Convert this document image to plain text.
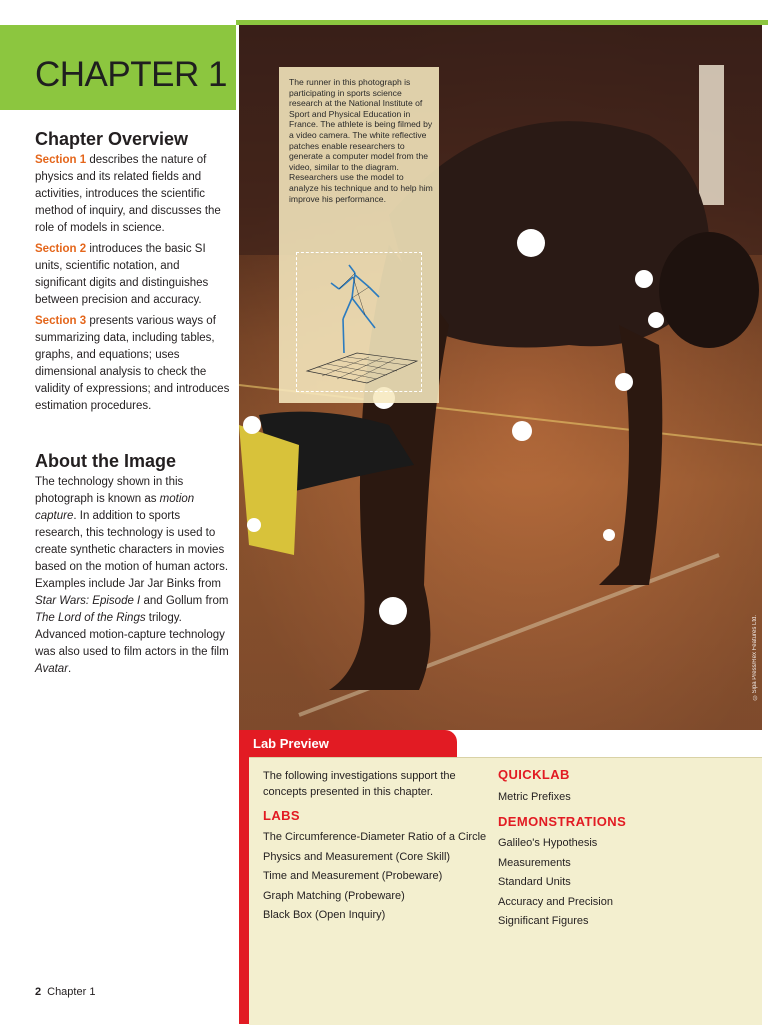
CHAPTER 1
Chapter Overview

Section 1 describes the nature of physics and its related fields and activities, introduces the scientific method of inquiry, and discusses the role of models in science.

Section 2 introduces the basic SI units, scientific notation, and significant digits and distinguishes between precision and accuracy.

Section 3 presents various ways of summarizing data, including tables, graphs, and equations; uses dimensional analysis to check the validity of expressions; and introduces estimation procedures.

About the Image

The technology shown in this photograph is known as motion capture. In addition to sports research, this technology is used to create synthetic characters in movies based on the motion of human actors. Examples include Jar Jar Binks from Star Wars: Episode I and Gollum from The Lord of the Rings trilogy. Advanced motion-capture technology was also used to film actors in the film Avatar.

The runner in this photograph is participating in sports science research at the National Institute of Sport and Physical Education in France. The athlete is being filmed by a video camera. The white reflective patches enable researchers to generate a computer model from the video, similar to the diagram. Researchers use the model to analyze his technique and to help him improve his performance.
©Sipa Press/Rex Features Ltd.
Lab Preview
The following investigations support the concepts presented in this chapter.
LABS
The Circumference-Diameter Ratio of a Circle
Physics and Measurement (Core Skill)
Time and Measurement (Probeware)
Graph Matching (Probeware)
Black Box (Open Inquiry)
QUICKLAB
Metric Prefixes
DEMONSTRATIONS
Galileo's Hypothesis
Measurements
Standard Units
Accuracy and Precision
Significant Figures
2 Chapter 1
